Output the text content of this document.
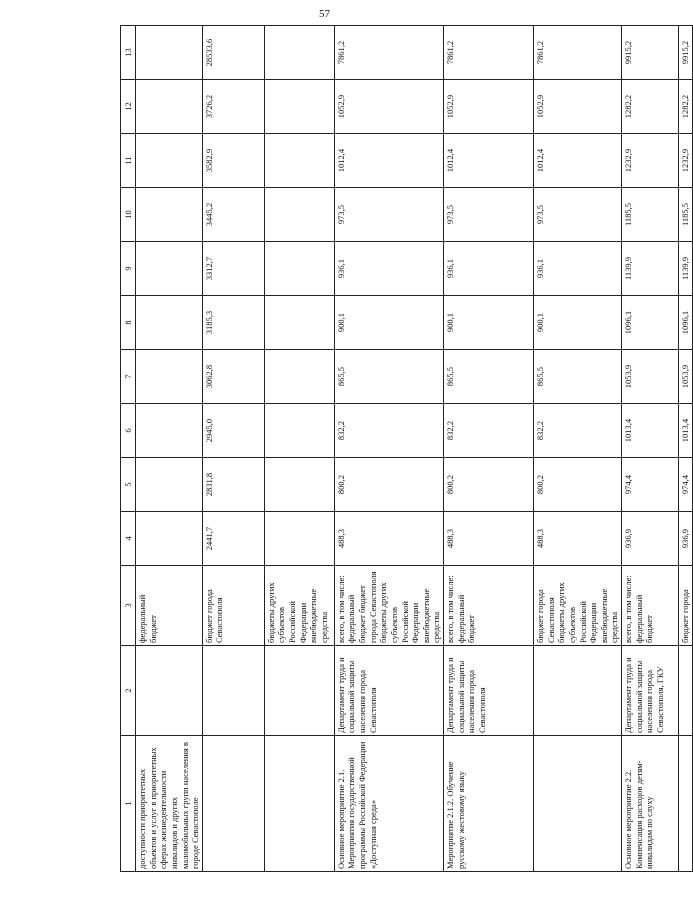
57
1	2	3	4	5	6	7	8	9	10	11	12	13
доступности приоритетных объектов и услуг в приоритетных сферах жизнедеятельности инвалидов и других маломобильных групп населения в городе Севастополе		федеральный бюджет										
		бюджет города Севастополя	2441,7	2831,8	2945,0	3062,8	3185,3	3312,7	3445,2	3582,9	3726,2	28533,6
		бюджеты других субъектов Российской Федерации внебюджетные средства										
Основное мероприятие 2.1. Мероприятия государственной программы Российской Федерации «Доступная среда»	Департамент труда и социальной защиты населения города Севастополя	всего, в том числе: федеральный бюджет бюджет города Севастополя бюджеты других субъектов Российской Федерации внебюджетные средства	488,3	800,2	832,2	865,5	900,1	936,1	973,5	1012,4	1052,9	7861,2
Мероприятие 2.1.2. Обучение русскому жестовому языку	Департамент труда и социальной защиты населения города Севастополя	всего, в том числе: федеральный бюджет	488,3	800,2	832,2	865,5	900,1	936,1	973,5	1012,4	1052,9	7861,2
		бюджет города Севастополя бюджеты других субъектов Российской Федерации внебюджетные средства	488,3	800,2	832,2	865,5	900,1	936,1	973,5	1012,4	1052,9	7861,2
Основное мероприятие 2.2. Компенсация расходов детям-инвалидам по слуху	Департамент труда и социальной защиты населения города Севастополя, ГКУ	всего, в том числе: федеральный бюджет	936,9	974,4	1013,4	1053,9	1096,1	1139,9	1185,5	1232,9	1282,2	9915,2
		бюджет города	936,9	974,4	1013,4	1053,9	1096,1	1139,9	1185,5	1232,9	1282,2	9915,2
